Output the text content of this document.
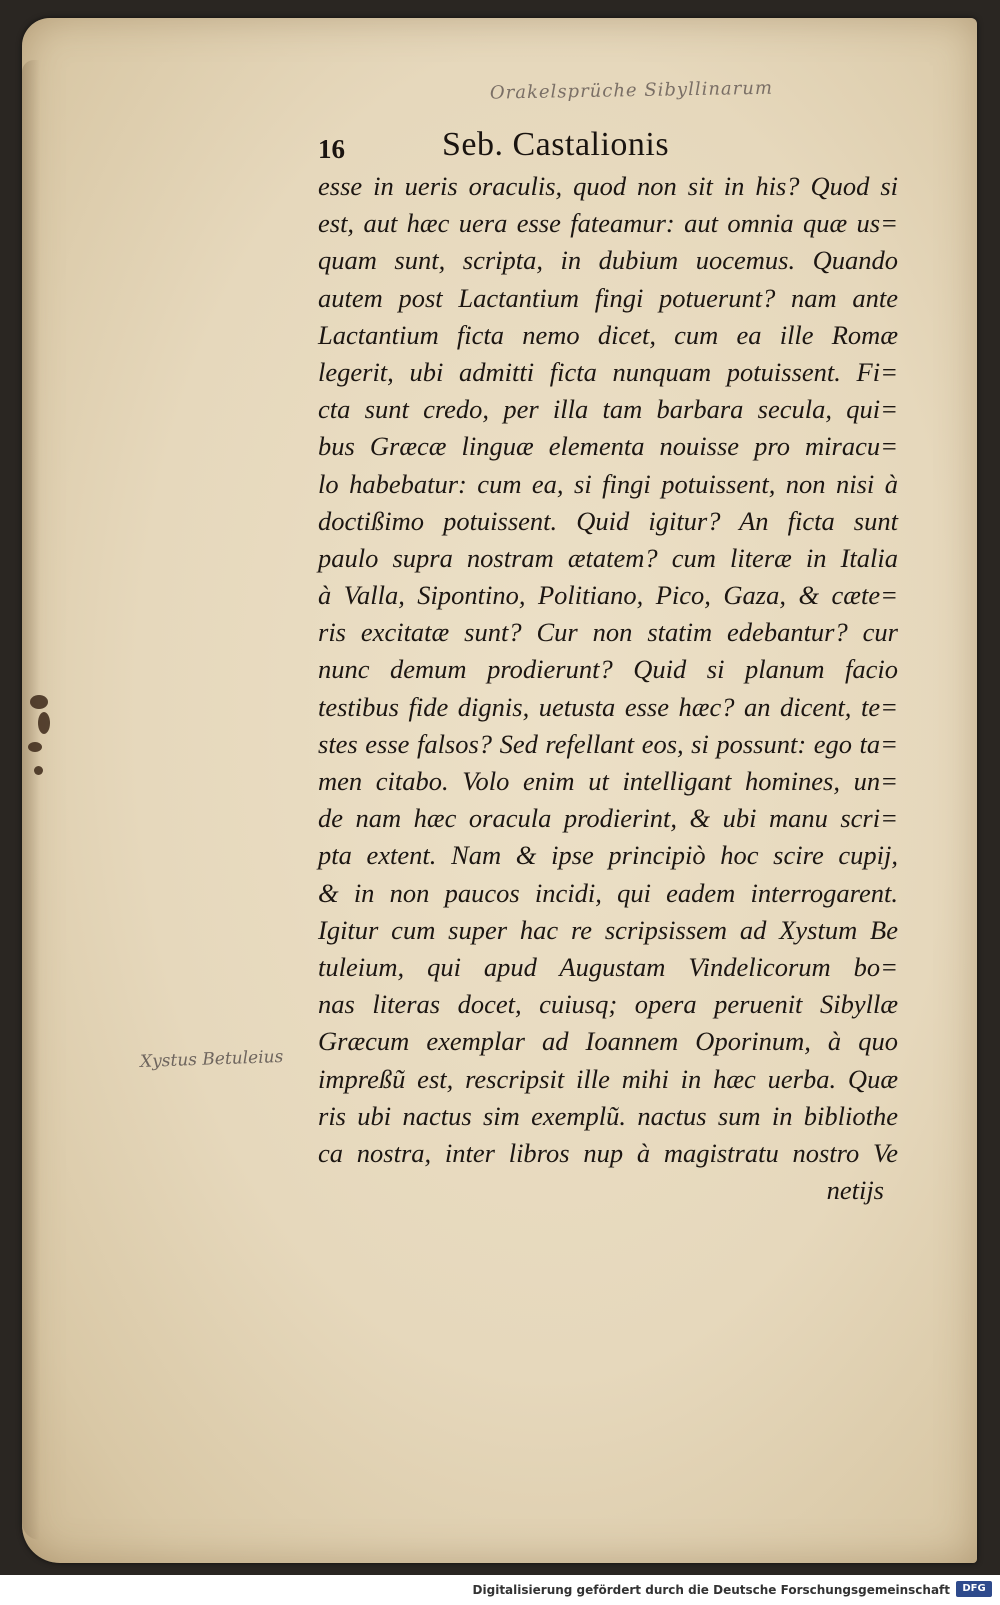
Orakelsprüche Sibyllinarum
Xystus Betuleius
16	Seb. Castalionis
esse in ueris oraculis, quod non sit in his? Quod si
est, aut hæc uera esse fateamur: aut omnia quæ us=
quam sunt, scripta, in dubium uocemus. Quando
autem post Lactantium fingi potuerunt? nam ante
Lactantium ficta nemo dicet, cum ea ille Romæ
legerit, ubi admitti ficta nunquam potuissent. Fi=
cta sunt credo, per illa tam barbara secula, qui=
bus Græcæ linguæ elementa nouisse pro miracu=
lo habebatur: cum ea, si fingi potuissent, non nisi à
doctißimo potuissent. Quid igitur? An ficta sunt
paulo supra nostram ætatem? cum literæ in Italia
à Valla, Sipontino, Politiano, Pico, Gaza, & cæte=
ris excitatæ sunt? Cur non statim edebantur? cur
nunc demum prodierunt? Quid si planum facio
testibus fide dignis, uetusta esse hæc? an dicent, te=
stes esse falsos? Sed refellant eos, si possunt: ego ta=
men citabo. Volo enim ut intelligant homines, un=
de nam hæc oracula prodierint, & ubi manu scri=
pta extent. Nam & ipse principiò hoc scire cupij,
& in non paucos incidi, qui eadem interrogarent.
Igitur cum super hac re scripsissem ad Xystum Be
tuleium, qui apud Augustam Vindelicorum bo=
nas literas docet, cuiusq; opera peruenit Sibyllæ
Græcum exemplar ad Ioannem Oporinum, à quo
impreßũ est, rescripsit ille mihi in hæc uerba. Quæ
ris ubi nactus sim exemplũ. nactus sum in bibliothe
ca nostra, inter libros nup à magistratu nostro Ve
netijs
Digitalisierung gefördert durch die Deutsche Forschungsgemeinschaft	DFG
